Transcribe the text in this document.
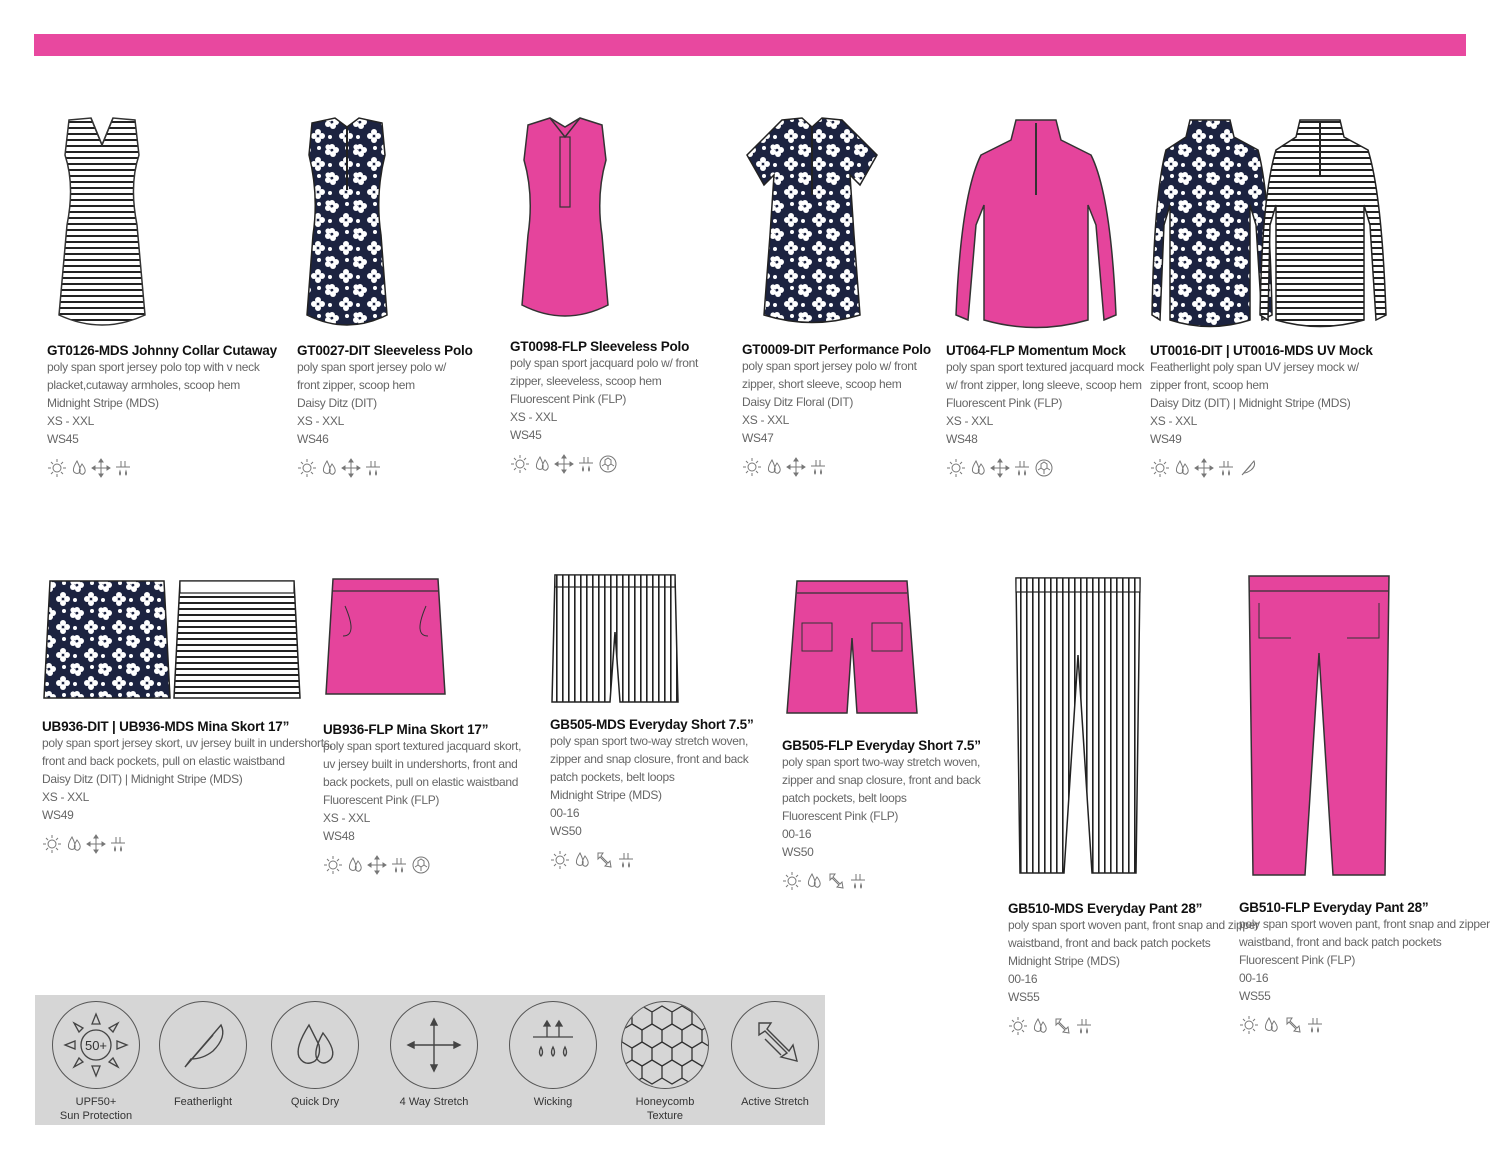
GT0126-MDS Johnny Collar Cutaway
poly span sport jersey polo top with v neck
placket,cutaway armholes, scoop hem
Midnight Stripe (MDS)
XS - XXL
WS45
GT0027-DIT Sleeveless Polo
poly span sport jersey polo w/
front zipper, scoop hem
Daisy Ditz (DIT)
XS - XXL
WS46
GT0098-FLP Sleeveless Polo
poly span sport jacquard polo w/ front
zipper, sleeveless, scoop hem
Fluorescent Pink (FLP)
XS - XXL
WS45
GT0009-DIT Performance Polo
poly span sport jersey polo w/ front
zipper, short sleeve, scoop hem
Daisy Ditz Floral (DIT)
XS - XXL
WS47
UT064-FLP Momentum Mock
poly span sport textured jacquard mock
w/ front zipper, long sleeve, scoop hem
Fluorescent Pink (FLP)
XS - XXL
WS48
UT0016-DIT | UT0016-MDS UV Mock
Featherlight poly span UV jersey mock w/
zipper front, scoop hem
Daisy Ditz (DIT) | Midnight Stripe (MDS)
XS - XXL
WS49
UB936-DIT | UB936-MDS Mina Skort 17”
poly span sport jersey skort, uv jersey built in undershorts,
front and back pockets, pull on elastic waistband
Daisy Ditz (DIT) | Midnight Stripe (MDS)
XS - XXL
WS49
UB936-FLP Mina Skort 17”
poly span sport textured jacquard skort,
uv jersey built in undershorts, front and
back pockets, pull on elastic waistband
Fluorescent Pink (FLP)
XS - XXL
WS48
GB505-MDS Everyday Short 7.5”
poly span sport two-way stretch woven,
zipper and snap closure, front and back
patch pockets, belt loops
Midnight Stripe (MDS)
00-16
WS50
GB505-FLP Everyday Short 7.5”
poly span sport two-way stretch woven,
zipper and snap closure, front and back
patch pockets, belt loops
Fluorescent Pink (FLP)
00-16
WS50
GB510-MDS Everyday Pant 28”
poly span sport woven pant, front snap and zipper
waistband, front and back patch pockets
Midnight Stripe (MDS)
00-16
WS55
GB510-FLP Everyday Pant 28”
poly span sport woven pant, front snap and zipper
waistband, front and back patch pockets
Fluorescent Pink (FLP)
00-16
WS55
50+
UPF50+
Sun Protection
Featherlight	Quick Dry	4 Way Stretch	Wicking	Honeycomb
Texture
Active Stretch
